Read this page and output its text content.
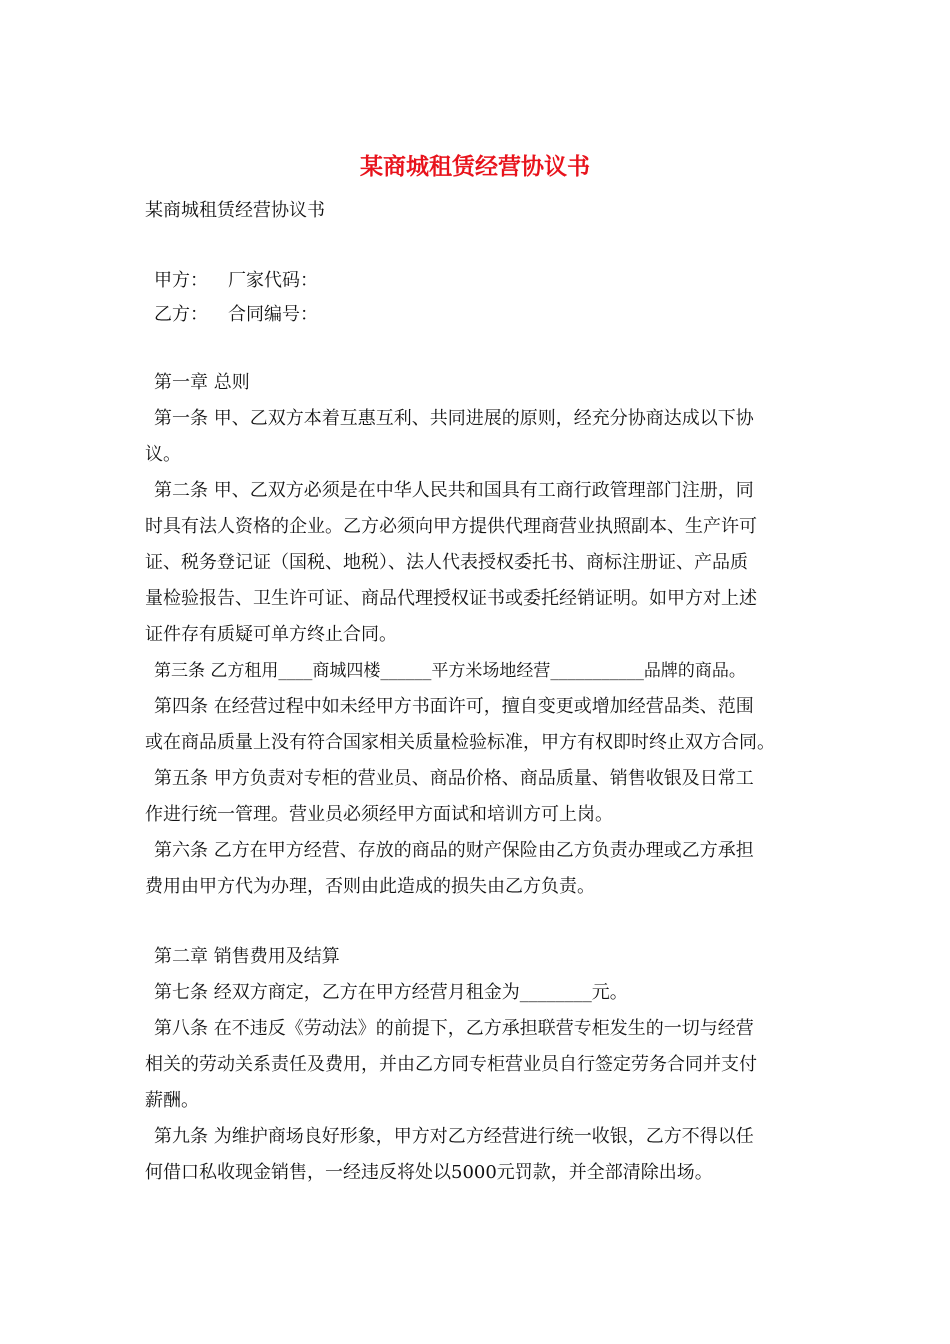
某商城租赁经营协议书
某商城租赁经营协议书
甲方： 厂家代码：
乙方： 合同编号：
第一章 总则
第一条 甲、乙双方本着互惠互利、共同进展的原则，经充分协商达成以下协
议。
第二条 甲、乙双方必须是在中华人民共和国具有工商行政管理部门注册，同
时具有法人资格的企业。乙方必须向甲方提供代理商营业执照副本、生产许可
证、税务登记证（国税、地税）、法人代表授权委托书、商标注册证、产品质
量检验报告、卫生许可证、商品代理授权证书或委托经销证明。如甲方对上述
证件存有质疑可单方终止合同。
第三条 乙方租用____商城四楼______平方米场地经营___________品牌的商品。
第四条 在经营过程中如未经甲方书面许可，擅自变更或增加经营品类、范围
或在商品质量上没有符合国家相关质量检验标准，甲方有权即时终止双方合同。
第五条 甲方负责对专柜的营业员、商品价格、商品质量、销售收银及日常工
作进行统一管理。营业员必须经甲方面试和培训方可上岗。
第六条 乙方在甲方经营、存放的商品的财产保险由乙方负责办理或乙方承担
费用由甲方代为办理，否则由此造成的损失由乙方负责。
第二章 销售费用及结算
第七条 经双方商定，乙方在甲方经营月租金为________元。
第八条 在不违反《劳动法》的前提下，乙方承担联营专柜发生的一切与经营
相关的劳动关系责任及费用，并由乙方同专柜营业员自行签定劳务合同并支付
薪酬。
第九条 为维护商场良好形象，甲方对乙方经营进行统一收银，乙方不得以任
何借口私收现金销售，一经违反将处以5000元罚款，并全部清除出场。
